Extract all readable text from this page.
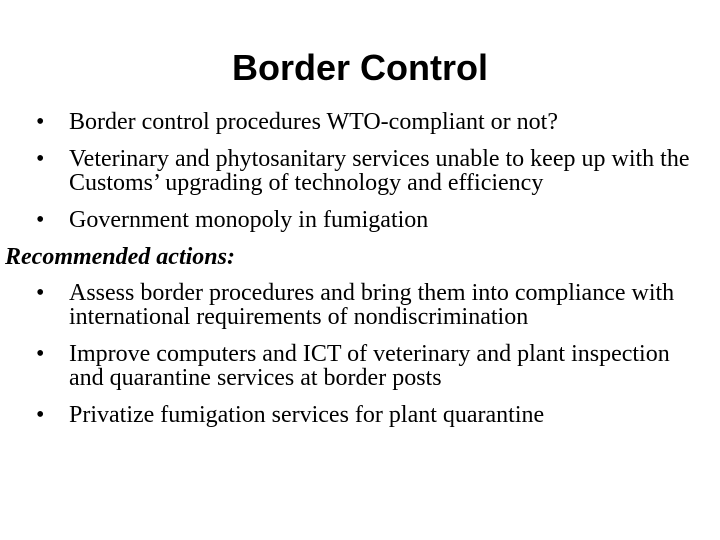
Border Control
•	Border control procedures WTO-compliant or not?
•	Veterinary and phytosanitary services unable to keep up with the Customs’ upgrading of technology and efficiency
•	Government monopoly in fumigation
Recommended actions:
•	Assess border procedures and bring them into compliance with international requirements of nondiscrimination
•	Improve computers and ICT of veterinary and plant inspection and quarantine services at border posts
•	Privatize fumigation services for plant quarantine
